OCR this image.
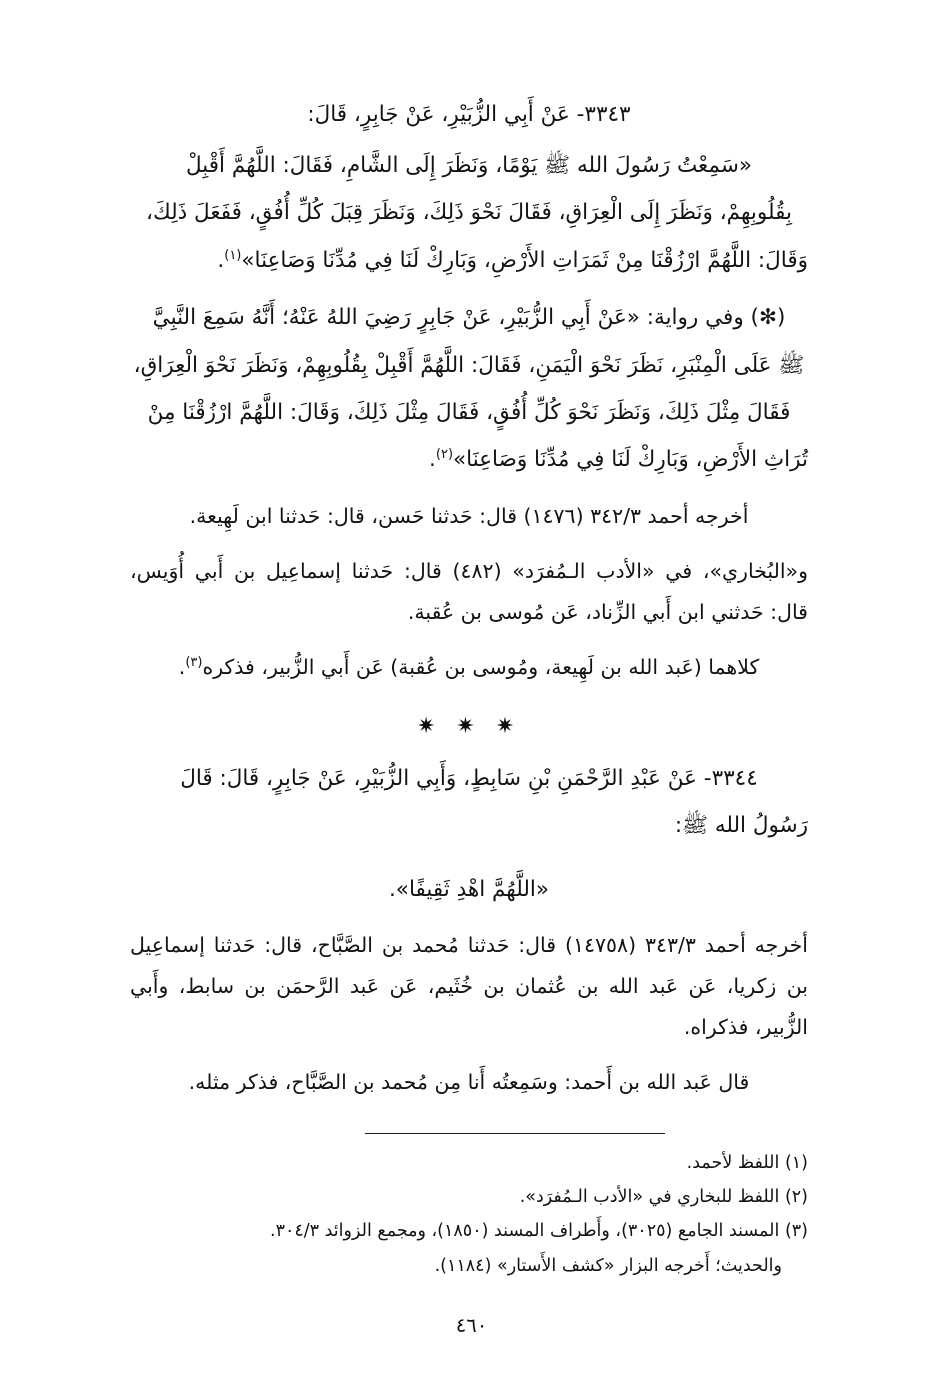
٣٣٤٣- عَنْ أَبِي الزُّبَيْرِ، عَنْ جَابِرٍ، قَالَ:
«سَمِعْتُ رَسُولَ الله ﷺ يَوْمًا، وَنَظَرَ إِلَى الشَّامِ، فَقَالَ: اللَّهُمَّ أَقْبِلْ
بِقُلُوبِهِمْ، وَنَظَرَ إِلَى الْعِرَاقِ، فَقَالَ نَحْوَ ذَلِكَ، وَنَظَرَ قِبَلَ كُلِّ أُفُقٍ، فَفَعَلَ ذَلِكَ،
وَقَالَ: اللَّهُمَّ ارْزُقْنَا مِنْ ثَمَرَاتِ الأَرْضِ، وَبَارِكْ لَنَا فِي مُدِّنَا وَصَاعِنَا»$^{(١)}$.
(✻) وفي رواية: «عَنْ أَبِي الزُّبَيْرِ، عَنْ جَابِرٍ رَضِيَ اللهُ عَنْهُ؛ أَنَّهُ سَمِعَ النَّبِيَّ
ﷺ عَلَى الْمِنْبَرِ، نَظَرَ نَحْوَ الْيَمَنِ، فَقَالَ: اللَّهُمَّ أَقْبِلْ بِقُلُوبِهِمْ، وَنَظَرَ نَحْوَ الْعِرَاقِ،
فَقَالَ مِثْلَ ذَلِكَ، وَنَظَرَ نَحْوَ كُلِّ أُفُقٍ، فَقَالَ مِثْلَ ذَلِكَ، وَقَالَ: اللَّهُمَّ ارْزُقْنَا مِنْ
تُرَاثِ الأَرْضِ، وَبَارِكْ لَنَا فِي مُدِّنَا وَصَاعِنَا»$^{(٢)}$.
أخرجه أحمد ٣٤٢/٣ (١٤٧٦) قال: حَدثنا حَسن، قال: حَدثنا ابن لَهِيعة.
و«البُخاري»، في «الأدب الـمُفرَد» (٤٨٢) قال: حَدثنا إسماعِيل بن أَبي أُوَيس، قال: حَدثني ابن أَبي الزِّناد، عَن مُوسى بن عُقبة.
كلاهما (عَبد الله بن لَهِيعة، ومُوسى بن عُقبة) عَن أَبي الزُّبير، فذكره$^{(٣)}$.
✷ ✷ ✷
٣٣٤٤- عَنْ عَبْدِ الرَّحْمَنِ بْنِ سَابِطٍ، وَأَبِي الزُّبَيْرِ، عَنْ جَابِرٍ، قَالَ: قَالَ
رَسُولُ الله ﷺ:
«اللَّهُمَّ اهْدِ ثَقِيفًا».
أخرجه أحمد ٣٤٣/٣ (١٤٧٥٨) قال: حَدثنا مُحمد بن الصَّبَّاح، قال: حَدثنا إسماعِيل بن زكريا، عَن عَبد الله بن عُثمان بن خُثَيم، عَن عَبد الرَّحمَن بن سابط، وأَبي الزُّبير، فذكراه.
قال عَبد الله بن أَحمد: وسَمِعتُه أَنا مِن مُحمد بن الصَّبَّاح، فذكر مثله.

(١) اللفظ لأحمد.

(٢) اللفظ للبخاري في «الأدب الـمُفرَد».

(٣) المسند الجامع (٣٠٢٥)، وأَطراف المسند (١٨٥٠)، ومجمع الزوائد ٣٠٤/٣.

والحديث؛ أَخرجه البزار «كشف الأَستار» (١١٨٤).

٤٦٠
